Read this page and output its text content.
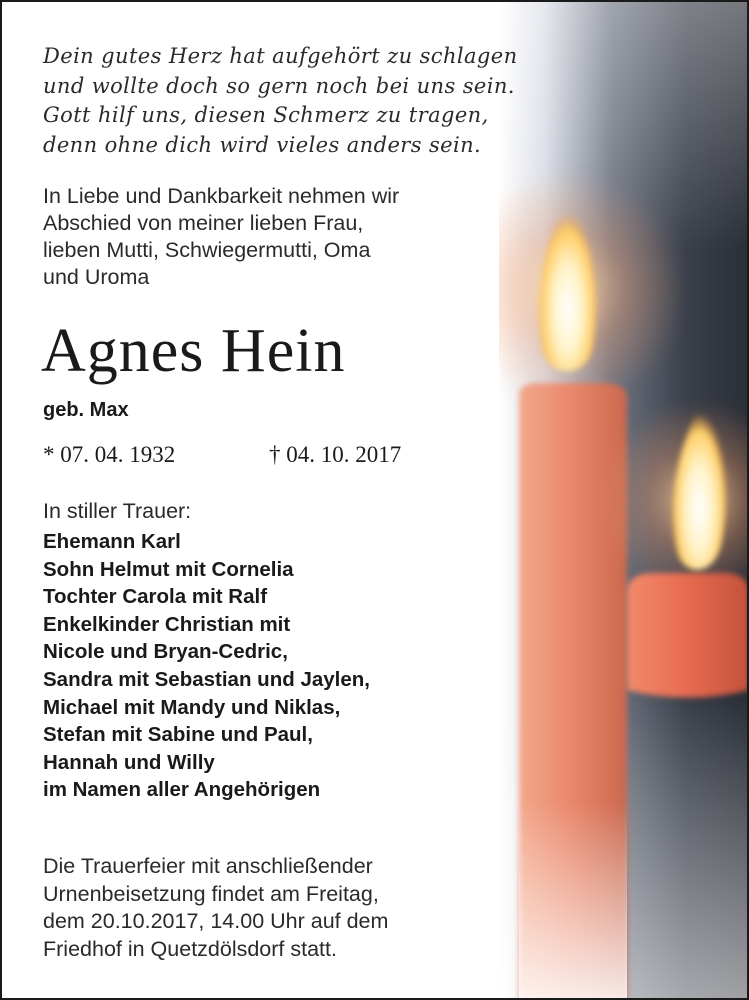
Dein gutes Herz hat aufgehört zu schlagen
und wollte doch so gern noch bei uns sein.
Gott hilf uns, diesen Schmerz zu tragen,
denn ohne dich wird vieles anders sein.
In Liebe und Dankbarkeit nehmen wir
Abschied von meiner lieben Frau,
lieben Mutti, Schwiegermutti, Oma
und Uroma
Agnes Hein
geb. Max
* 07. 04. 1932	† 04. 10. 2017
In stiller Trauer:
Ehemann Karl
Sohn Helmut mit Cornelia
Tochter Carola mit Ralf
Enkelkinder Christian mit
Nicole und Bryan-Cedric,
Sandra mit Sebastian und Jaylen,
Michael mit Mandy und Niklas,
Stefan mit Sabine und Paul,
Hannah und Willy
im Namen aller Angehörigen
Die Trauerfeier mit anschließender
Urnenbeisetzung findet am Freitag,
dem 20.10.2017, 14.00 Uhr auf dem
Friedhof in Quetzdölsdorf statt.
